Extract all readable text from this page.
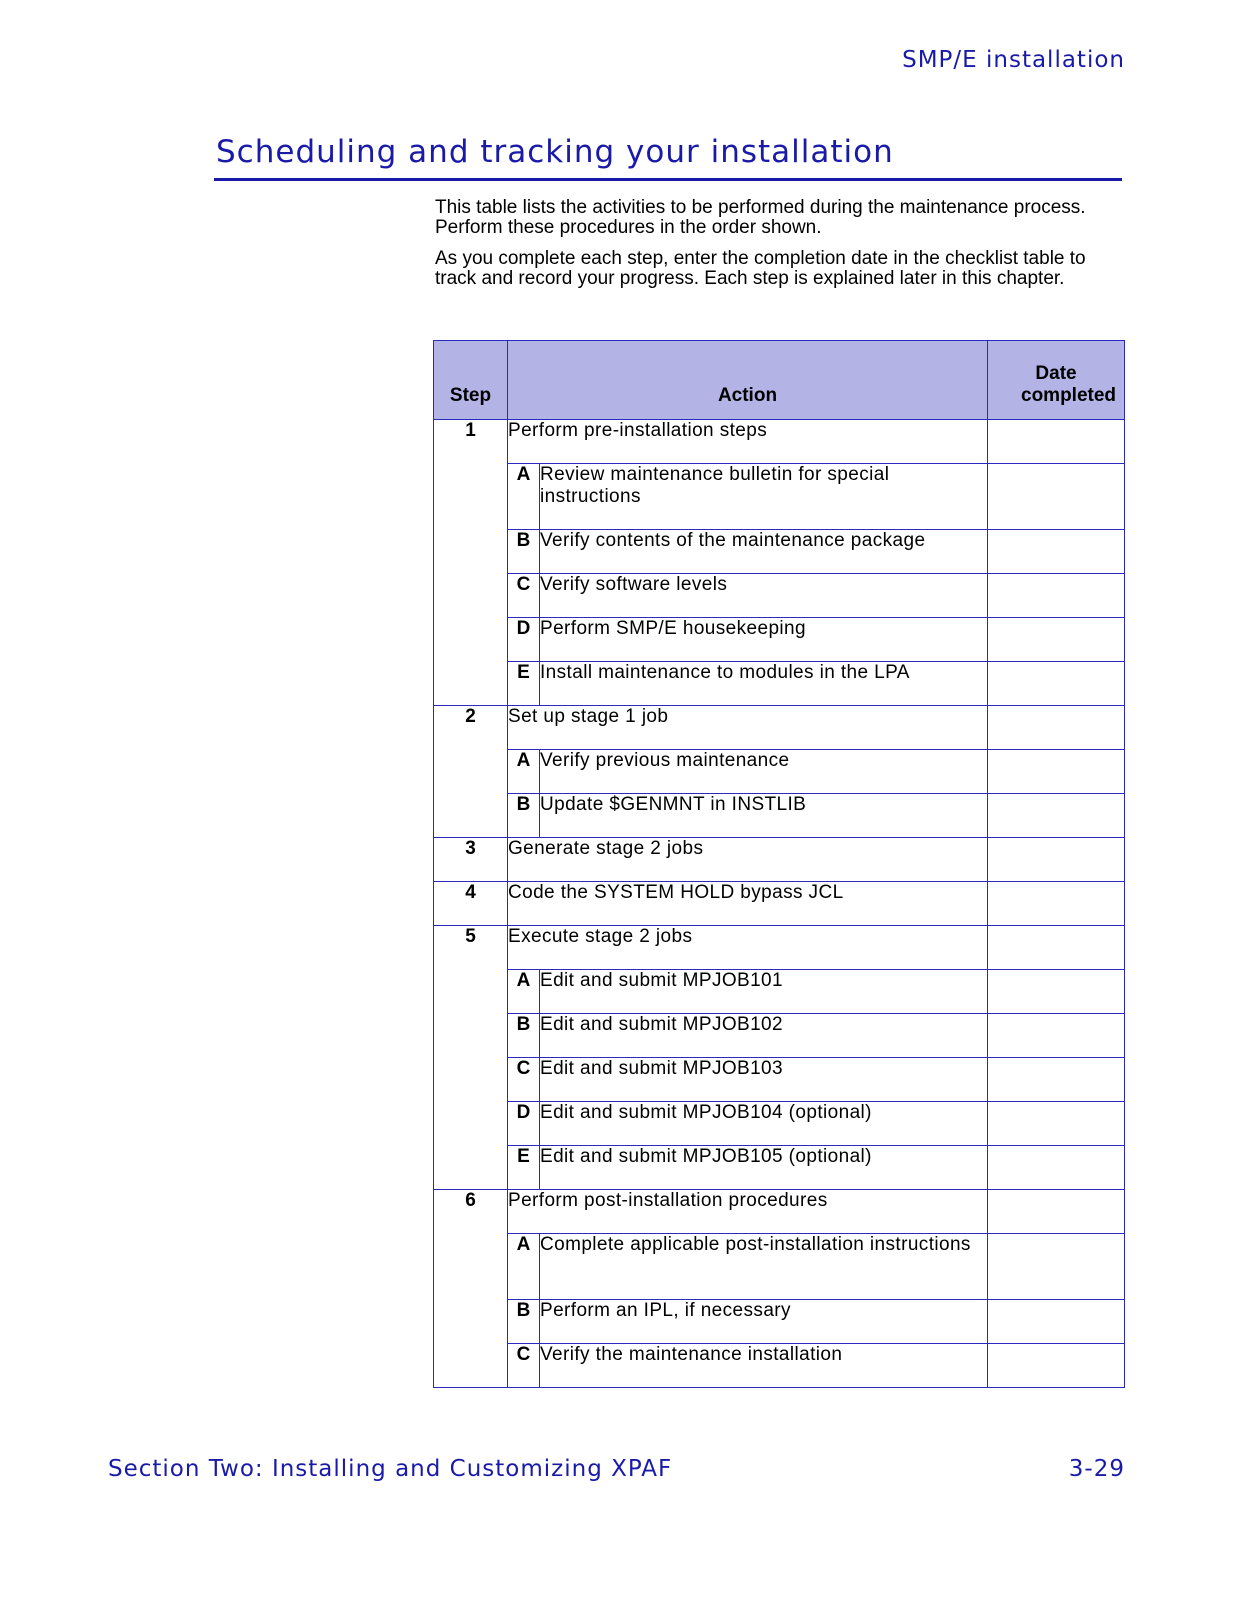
SMP/E installation
Scheduling and tracking your installation

This table lists the activities to be performed during the maintenance process. Perform these procedures in the order shown.

As you complete each step, enter the completion date in the checklist table to track and record your progress. Each step is explained later in this chapter.

Step	Action		Date completed

1	Perform pre-installation steps		
	A	Review maintenance bulletin for special instructions	
	B	Verify contents of the maintenance package	
	C	Verify software levels	
	D	Perform SMP/E housekeeping	
	E	Install maintenance to modules in the LPA	
2	Set up stage 1 job		
	A	Verify previous maintenance	
	B	Update $GENMNT in INSTLIB	
3	Generate stage 2 jobs		
4	Code the SYSTEM HOLD bypass JCL		
5	Execute stage 2 jobs		
	A	Edit and submit MPJOB101	
	B	Edit and submit MPJOB102	
	C	Edit and submit MPJOB103	
	D	Edit and submit MPJOB104 (optional)	
	E	Edit and submit MPJOB105 (optional)	
6	Perform post-installation procedures		
	A	Complete applicable post-installation instructions	
	B	Perform an IPL, if necessary	
	C	Verify the maintenance installation	
Section Two: Installing and Customizing XPAF	3-29
